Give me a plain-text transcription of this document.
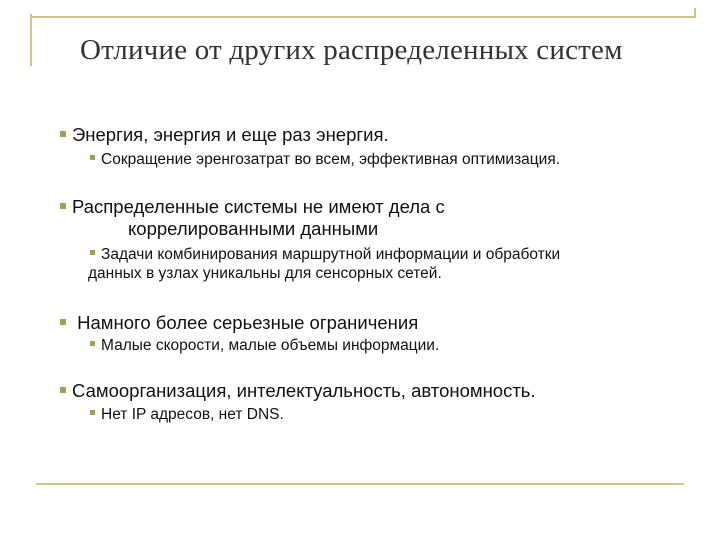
Отличие от других распределенных систем
Энергия, энергия и еще раз энергия.
Сокращение эренгозатрат во всем, эффективная оптимизация.
Распределенные системы не имеют дела с
коррелированными данными
Задачи комбинирования маршрутной информации и обработки
данных в узлах уникальны для сенсорных сетей.
Намного более серьезные ограничения
Малые скорости, малые объемы информации.
Самоорганизация, интелектуальность, автономность.
Нет IP адресов, нет DNS.
